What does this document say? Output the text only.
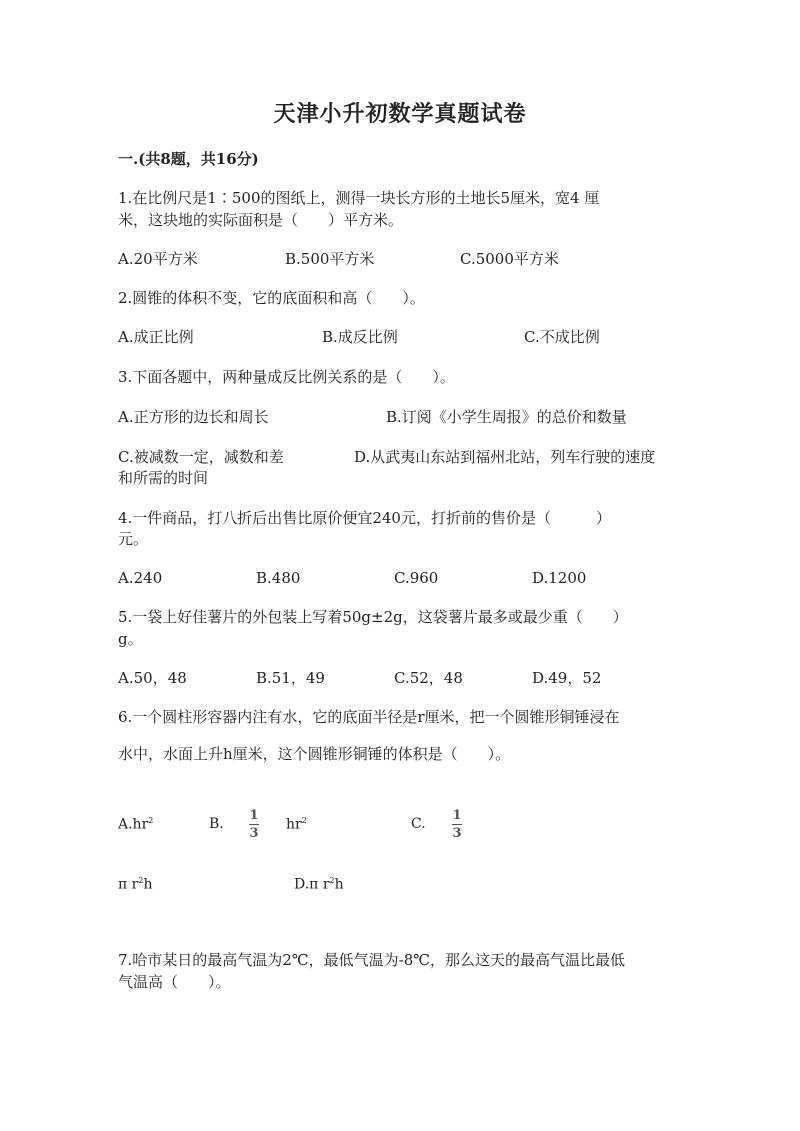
天津小升初数学真题试卷
一.(共8题，共16分)
1.在比例尺是1∶500的图纸上，测得一块长方形的土地长5厘米，宽4 厘
米，这块地的实际面积是（　　）平方米。
A.20平方米	B.500平方米	C.5000平方米
2.圆锥的体积不变，它的底面积和高（　　）。
A.成正比例	B.成反比例	C.不成比例
3.下面各题中，两种量成反比例关系的是（　　）。
A.正方形的边长和周长	B.订阅《小学生周报》的总价和数量
C.被减数一定，减数和差	D.从武夷山东站到福州北站，列车行驶的速度
和所需的时间
4.一件商品，打八折后出售比原价便宜240元，打折前的售价是（　　　）
元。
A.240	B.480	C.960	D.1200
5.一袋上好佳薯片的外包装上写着50g±2g，这袋薯片最多或最少重（　　）
g。
A.50，48	B.51，49	C.52，48	D.49，52
6.一个圆柱形容器内注有水，它的底面半径是r厘米，把一个圆锥形铜锤浸在
水中，水面上升h厘米，这个圆锥形铜锤的体积是（　　）。
$A.hr^2$	B.
1
3
$hr^2$	C.
1
3
π $r^2h$	D.π $r^2h$
7.哈市某日的最高气温为2℃，最低气温为-8℃，那么这天的最高气温比最低
气温高（　　）。
